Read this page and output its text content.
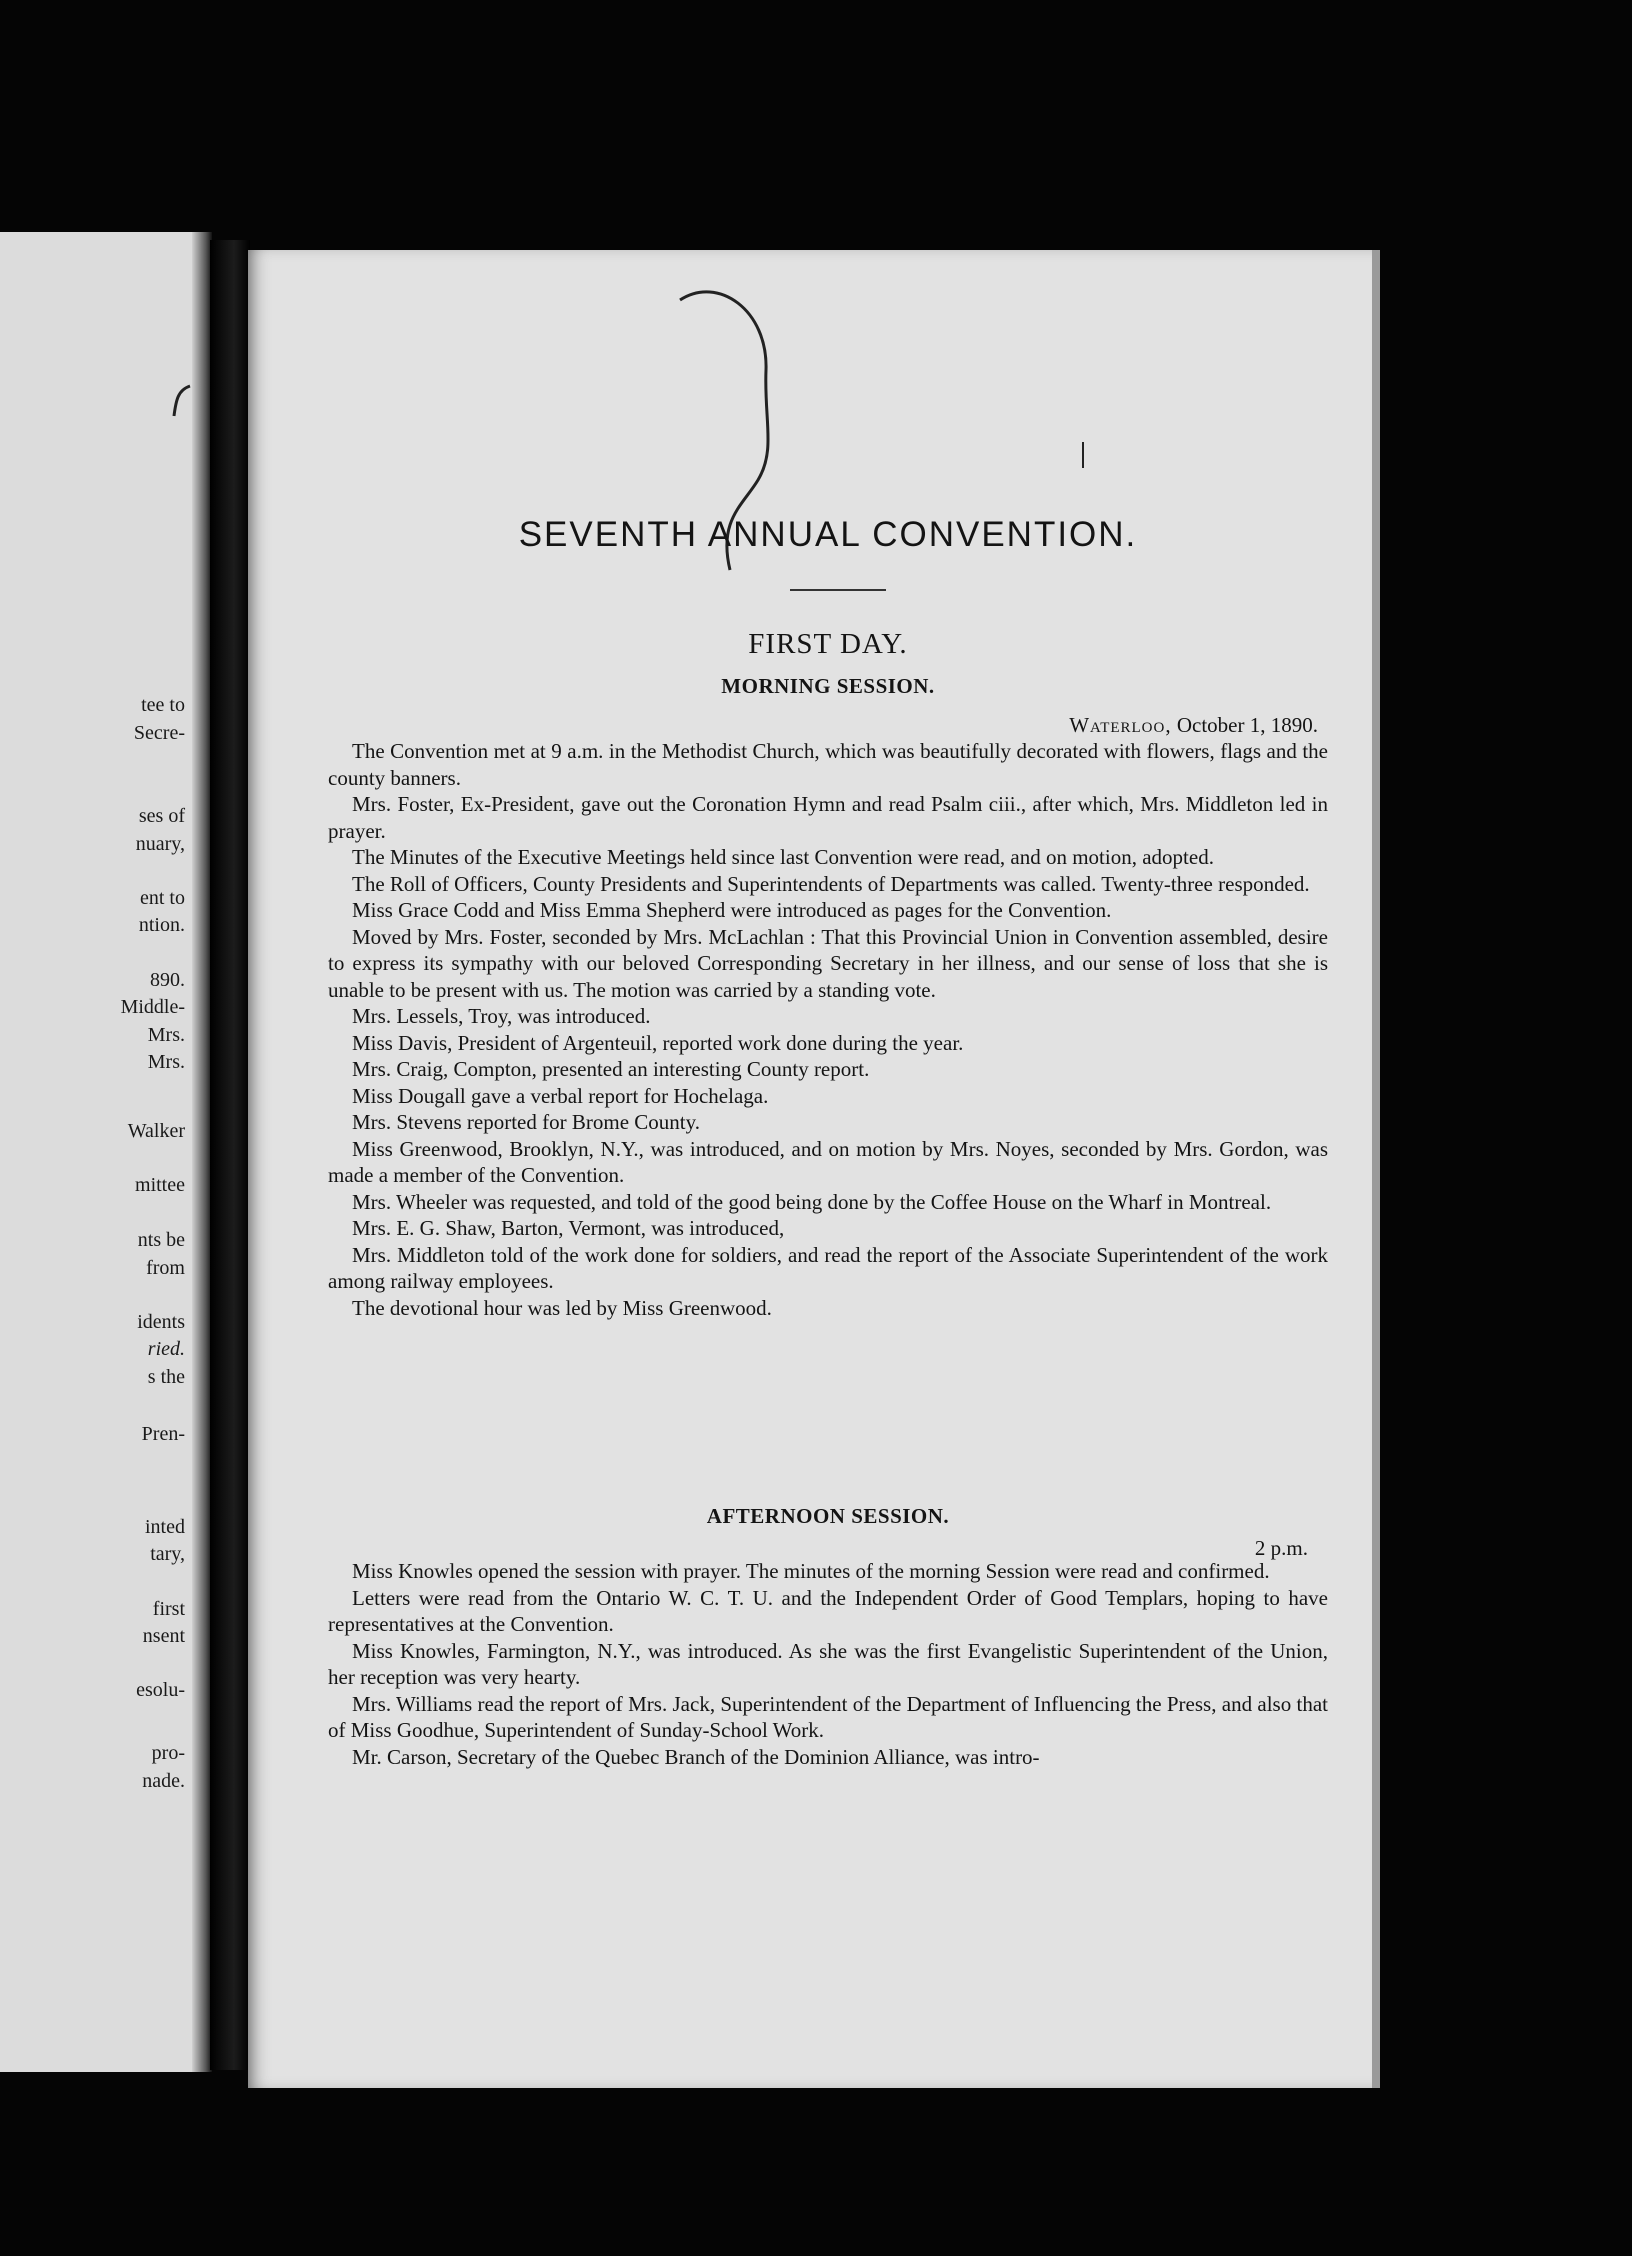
tee to
Secre-
ses of
nuary,
ent to
ntion.
890.
Middle-
Mrs.
Mrs.
Walker
mittee
nts be
from
idents
ried.
s the
Pren-
inted
tary,
first
nsent
esolu-
pro-
nade.
SEVENTH ANNUAL CONVENTION.
FIRST DAY.
MORNING SESSION.

Waterloo, October 1, 1890.

The Convention met at 9 a.m. in the Methodist Church, which was beautifully decorated with flowers, flags and the county banners.
Mrs. Foster, Ex-President, gave out the Coronation Hymn and read Psalm ciii., after which, Mrs. Middleton led in prayer.
The Minutes of the Executive Meetings held since last Convention were read, and on motion, adopted.
The Roll of Officers, County Presidents and Superintendents of Departments was called. Twenty-three responded.
Miss Grace Codd and Miss Emma Shepherd were introduced as pages for the Convention.
Moved by Mrs. Foster, seconded by Mrs. McLachlan : That this Provincial Union in Convention assembled, desire to express its sympathy with our beloved Corresponding Secretary in her illness, and our sense of loss that she is unable to be present with us. The motion was carried by a standing vote.
Mrs. Lessels, Troy, was introduced.
Miss Davis, President of Argenteuil, reported work done during the year.
Mrs. Craig, Compton, presented an interesting County report.
Miss Dougall gave a verbal report for Hochelaga.
Mrs. Stevens reported for Brome County.
Miss Greenwood, Brooklyn, N.Y., was introduced, and on motion by Mrs. Noyes, seconded by Mrs. Gordon, was made a member of the Convention.
Mrs. Wheeler was requested, and told of the good being done by the Coffee House on the Wharf in Montreal.
Mrs. E. G. Shaw, Barton, Vermont, was introduced,
Mrs. Middleton told of the work done for soldiers, and read the report of the Associate Superintendent of the work among railway employees.
The devotional hour was led by Miss Greenwood.
AFTERNOON SESSION.

2 p.m.

Miss Knowles opened the session with prayer. The minutes of the morning Session were read and confirmed.
Letters were read from the Ontario W. C. T. U. and the Independent Order of Good Templars, hoping to have representatives at the Convention.
Miss Knowles, Farmington, N.Y., was introduced. As she was the first Evangelistic Superintendent of the Union, her reception was very hearty.
Mrs. Williams read the report of Mrs. Jack, Superintendent of the Department of Influencing the Press, and also that of Miss Goodhue, Superintendent of Sunday-School Work.
Mr. Carson, Secretary of the Quebec Branch of the Dominion Alliance, was intro-
